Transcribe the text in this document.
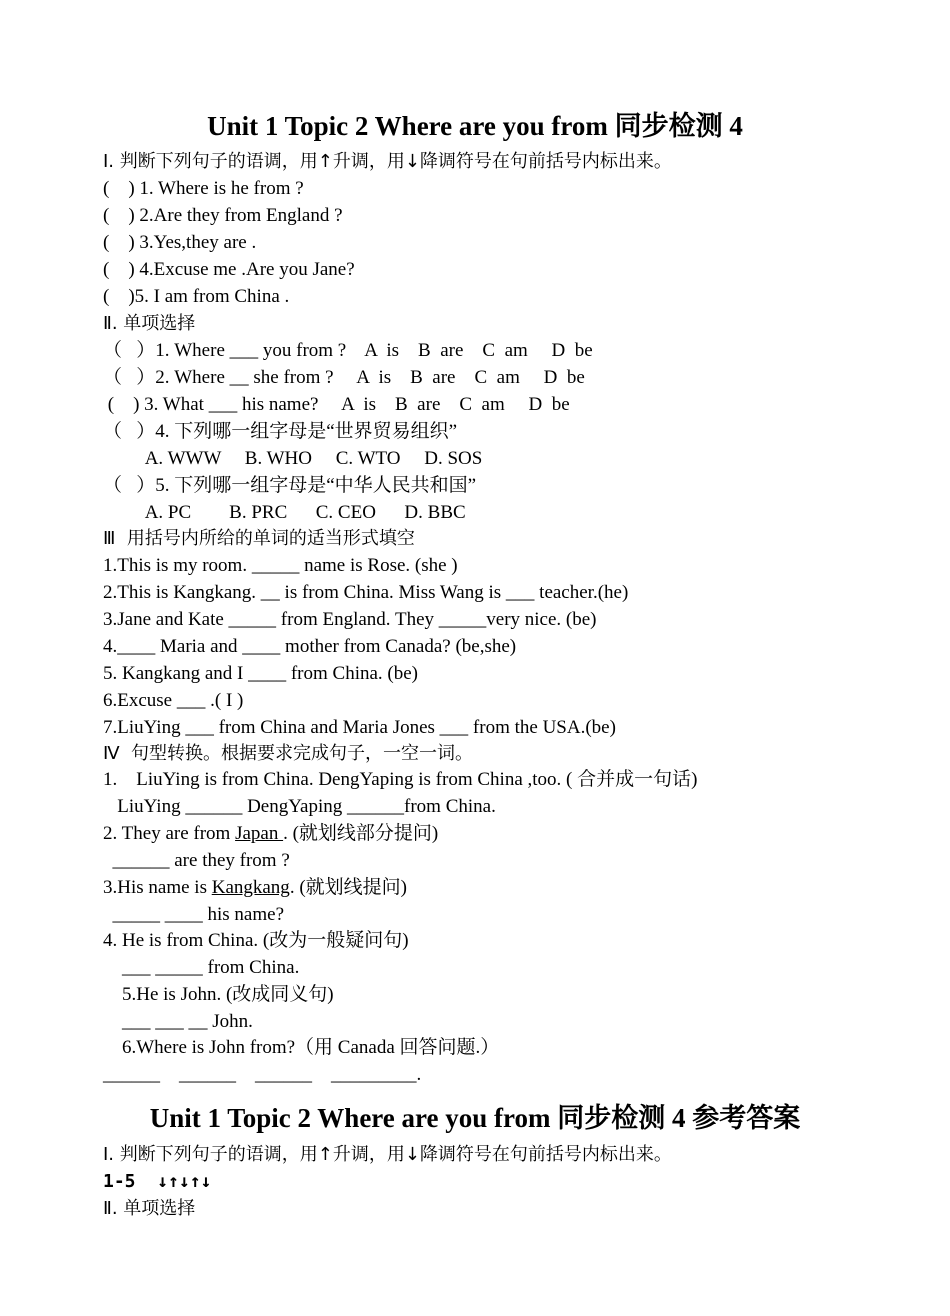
Unit 1 Topic 2 Where are you from 同步检测 4
Ⅰ. 判断下列句子的语调，用↑升调，用↓降调符号在句前括号内标出来。
(    ) 1. Where is he from ?
(    ) 2.Are they from England ?
(    ) 3.Yes,they are .
(    ) 4.Excuse me .Are you Jane?
(    )5. I am from China .
Ⅱ. 单项选择
（   ）1. Where ___ you from ?    A  is    B  are    C  am     D  be
（   ）2. Where __ she from ?     A  is    B  are    C  am     D  be
(    ) 3. What ___ his name?     A  is    B  are    C  am     D  be
（   ）4. 下列哪一组字母是“世界贸易组织”
A. WWW     B. WHO     C. WTO     D. SOS
（   ）5. 下列哪一组字母是“中华人民共和国”
A. PC        B. PRC      C. CEO      D. BBC
Ⅲ  用括号内所给的单词的适当形式填空
1.This is my room. _____ name is Rose. (she )
2.This is Kangkang. __ is from China. Miss Wang is ___ teacher.(he)
3.Jane and Kate _____ from England. They _____very nice. (be)
4.____ Maria and ____ mother from Canada? (be,she)
5. Kangkang and I ____ from China. (be)
6.Excuse ___ .( I )
7.LiuYing ___ from China and Maria Jones ___ from the USA.(be)
Ⅳ  句型转换。根据要求完成句子，一空一词。
1.    LiuYing is from China. DengYaping is from China ,too. ( 合并成一句话)
LiuYing ______ DengYaping ______from China.
2. They are from Japan . (就划线部分提问)
______ are they from ?
3.His name is Kangkang. (就划线提问)
_____ ____ his name?
4. He is from China. (改为一般疑问句)
___ _____ from China.
5.He is John. (改成同义句)
___ ___ __ John.
6.Where is John from?（用 Canada 回答问题.）
______    ______    ______    _________.
Unit 1 Topic 2 Where are you from 同步检测 4 参考答案
Ⅰ. 判断下列句子的语调，用↑升调，用↓降调符号在句前括号内标出来。
1-5  ↓↑↓↑↓
Ⅱ. 单项选择
